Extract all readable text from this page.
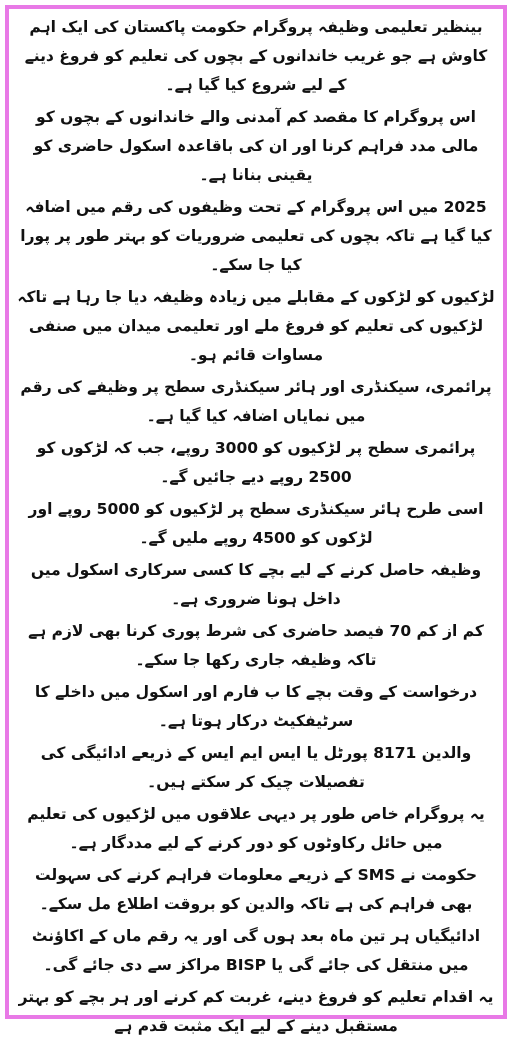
بینظیر تعلیمی وظیفہ پروگرام حکومت پاکستان کی ایک اہم کاوش ہے جو غریب خاندانوں کے بچوں کی تعلیم کو فروغ دینے کے لیے شروع کیا گیا ہے۔

اس پروگرام کا مقصد کم آمدنی والے خاندانوں کے بچوں کو مالی مدد فراہم کرنا اور ان کی باقاعدہ اسکول حاضری کو یقینی بنانا ہے۔

2025 میں اس پروگرام کے تحت وظیفوں کی رقم میں اضافہ کیا گیا ہے تاکہ بچوں کی تعلیمی ضروریات کو بہتر طور پر پورا کیا جا سکے۔

لڑکیوں کو لڑکوں کے مقابلے میں زیادہ وظیفہ دیا جا رہا ہے تاکہ لڑکیوں کی تعلیم کو فروغ ملے اور تعلیمی میدان میں صنفی مساوات قائم ہو۔

پرائمری، سیکنڈری اور ہائر سیکنڈری سطح پر وظیفے کی رقم میں نمایاں اضافہ کیا گیا ہے۔

پرائمری سطح پر لڑکیوں کو 3000 روپے، جب کہ لڑکوں کو 2500 روپے دیے جائیں گے۔

اسی طرح ہائر سیکنڈری سطح پر لڑکیوں کو 5000 روپے اور لڑکوں کو 4500 روپے ملیں گے۔

وظیفہ حاصل کرنے کے لیے بچے کا کسی سرکاری اسکول میں داخل ہونا ضروری ہے۔

کم از کم 70 فیصد حاضری کی شرط پوری کرنا بھی لازم ہے تاکہ وظیفہ جاری رکھا جا سکے۔

درخواست کے وقت بچے کا ب فارم اور اسکول میں داخلے کا سرٹیفکیٹ درکار ہوتا ہے۔

والدین 8171 پورٹل یا ایس ایم ایس کے ذریعے ادائیگی کی تفصیلات چیک کر سکتے ہیں۔

یہ پروگرام خاص طور پر دیہی علاقوں میں لڑکیوں کی تعلیم میں حائل رکاوٹوں کو دور کرنے کے لیے مددگار ہے۔

حکومت نے SMS کے ذریعے معلومات فراہم کرنے کی سہولت بھی فراہم کی ہے تاکہ والدین کو بروقت اطلاع مل سکے۔

ادائیگیاں ہر تین ماہ بعد ہوں گی اور یہ رقم ماں کے اکاؤنٹ میں منتقل کی جائے گی یا BISP مراکز سے دی جائے گی۔

یہ اقدام تعلیم کو فروغ دینے، غربت کم کرنے اور ہر بچے کو بہتر مستقبل دینے کے لیے ایک مثبت قدم ہے
